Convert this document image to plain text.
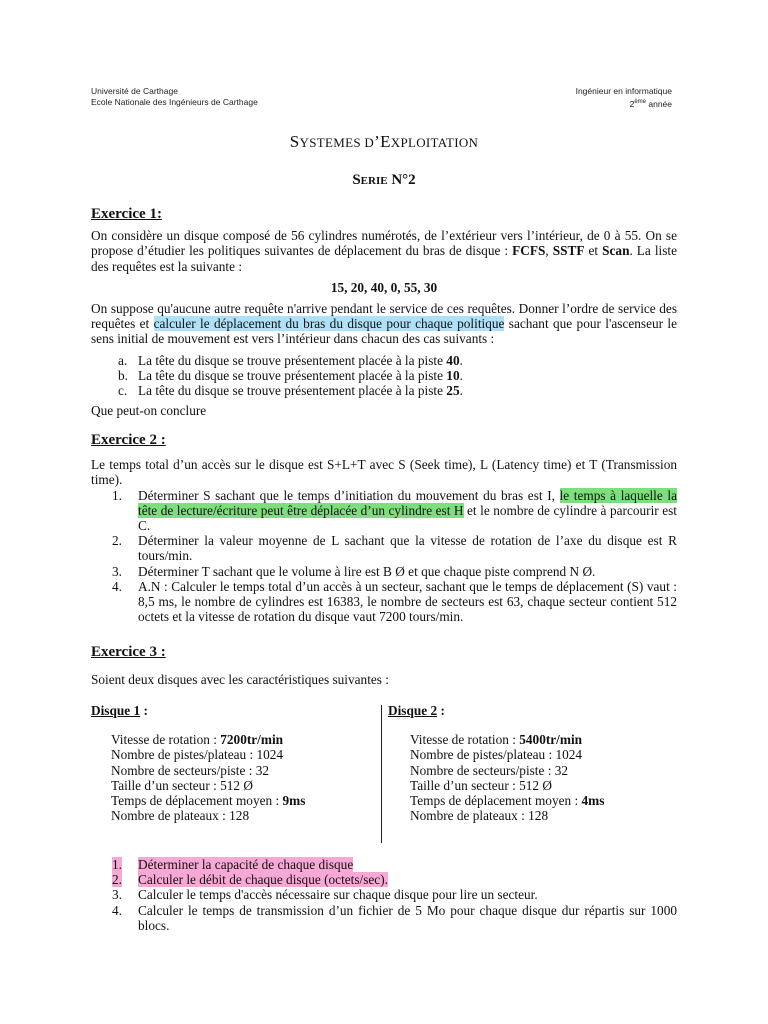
Université de Carthage
Ecole Nationale des Ingénieurs de Carthage
Ingénieur en informatique
2ème année
SYSTEMES D’EXPLOITATION
SERIE N°2
Exercice 1:
On considère un disque composé de 56 cylindres numérotés, de l’extérieur vers l’intérieur, de 0 à 55. On se propose d’étudier les politiques suivantes de déplacement du bras de disque : FCFS, SSTF et Scan. La liste des requêtes est la suivante :
15, 20, 40, 0, 55, 30
On suppose qu'aucune autre requête n'arrive pendant le service de ces requêtes. Donner l’ordre de service des requêtes et calculer le déplacement du bras du disque pour chaque politique sachant que pour l'ascenseur le sens initial de mouvement est vers l’intérieur dans chacun des cas suivants :
a. La tête du disque se trouve présentement placée à la piste 40.
b. La tête du disque se trouve présentement placée à la piste 10.
c. La tête du disque se trouve présentement placée à la piste 25.
Que peut-on conclure
Exercice 2 :
Le temps total d’un accès sur le disque est S+L+T avec S (Seek time), L (Latency time) et T (Transmission time).
1. Déterminer S sachant que le temps d’initiation du mouvement du bras est I, le temps à laquelle la tête de lecture/écriture peut être déplacée d’un cylindre est H et le nombre de cylindre à parcourir est C.
2. Déterminer la valeur moyenne de L sachant que la vitesse de rotation de l’axe du disque est R tours/min.
3. Déterminer T sachant que le volume à lire est B Ø et que chaque piste comprend N Ø.
4. A.N : Calculer le temps total d’un accès à un secteur, sachant que le temps de déplacement (S) vaut : 8,5 ms, le nombre de cylindres est 16383, le nombre de secteurs est 63, chaque secteur contient 512 octets et la vitesse de rotation du disque vaut 7200 tours/min.
Exercice 3 :
Soient deux disques avec les caractéristiques suivantes :
Disque 1 :
Vitesse de rotation : 7200tr/min
Nombre de pistes/plateau : 1024
Nombre de secteurs/piste : 32
Taille d’un secteur : 512 Ø
Temps de déplacement moyen : 9ms
Nombre de plateaux : 128
Disque 2 :
Vitesse de rotation : 5400tr/min
Nombre de pistes/plateau : 1024
Nombre de secteurs/piste : 32
Taille d’un secteur : 512 Ø
Temps de déplacement moyen : 4ms
Nombre de plateaux : 128
1. Déterminer la capacité de chaque disque
2. Calculer le débit de chaque disque (octets/sec).
3. Calculer le temps d'accès nécessaire sur chaque disque pour lire un secteur.
4. Calculer le temps de transmission d’un fichier de 5 Mo pour chaque disque dur répartis sur 1000 blocs.
